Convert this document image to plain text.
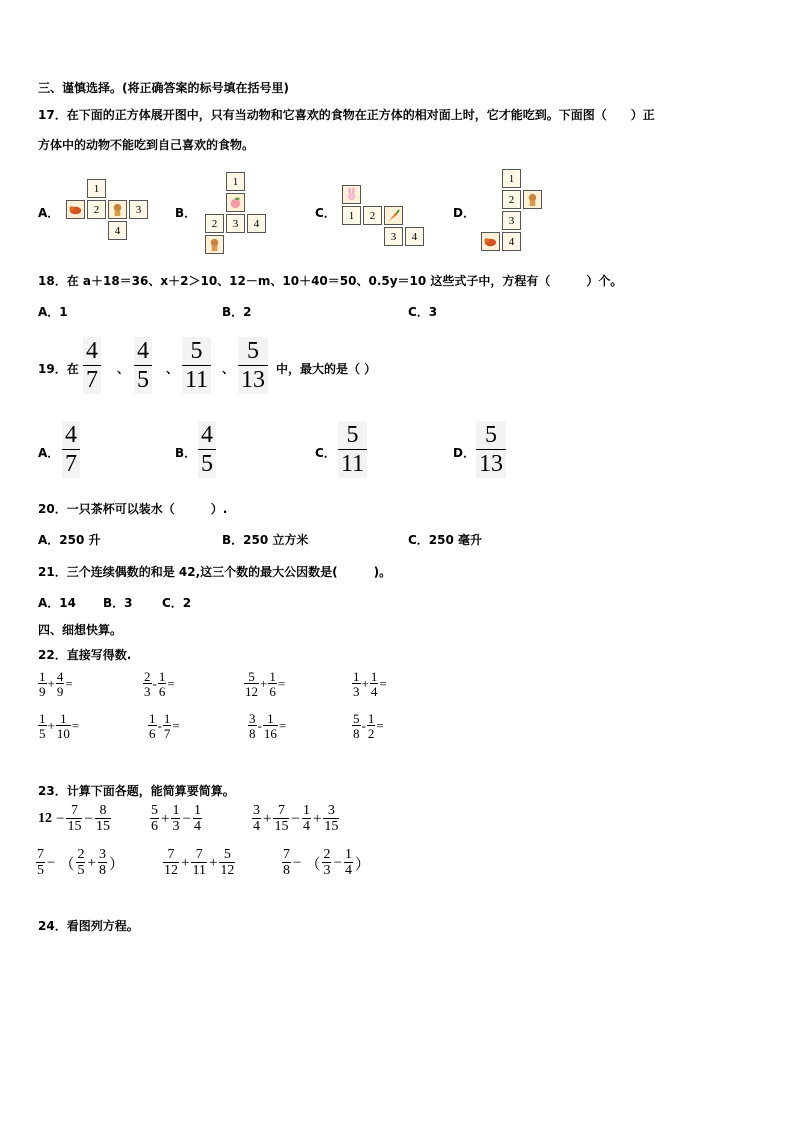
三、谨慎选择。(将正确答案的标号填在括号里)
17．在下面的正方体展开图中，只有当动物和它喜欢的食物在正方体的相对面上时，它才能吃到。下面图（　　）正
方体中的动物不能吃到自己喜欢的食物。
A．
1
2	3
4
B．
1
2	3	4
C．	1	2
3	4
D．
1
2
3
4
18．在 a＋18＝36、x＋2＞10、12－m、10＋40＝50、0.5y＝10 这些式子中，方程有（　　　）个。
A．1	B．2	C．3
19．在 $\frac{4}{7}$ 、 $\frac{4}{5}$ 、 $\frac{5}{11}$ 、 $\frac{5}{13}$ 中，最大的是（ ）
A． $\frac{4}{7}$	B． $\frac{4}{5}$	C． $\frac{5}{11}$	D． $\frac{5}{13}$
20．一只茶杯可以装水（　　　）.
A．250 升	B．250 立方米	C．250 毫升
21．三个连续偶数的和是 42,这三个数的最大公因数是(　　　)。
A．14 B．3 C．2
四、细想快算。
22．直接写得数.
$\frac{1}{9} + \frac{4}{9}$ =	$\frac{2}{3} - \frac{1}{6}$ =	$\frac{5}{12} + \frac{1}{6}$ =	$\frac{1}{3} + \frac{1}{4}$ =
$\frac{1}{5} + \frac{1}{10}$ =	$\frac{1}{6} - \frac{1}{7}$ =	$\frac{3}{8} - \frac{1}{16}$ =	$\frac{5}{8} - \frac{1}{2}$ =
23．计算下面各题，能简算要简算。
$12 - \frac{7}{15} - \frac{8}{15}$	$\frac{5}{6} + \frac{1}{3} - \frac{1}{4}$	$\frac{3}{4} + \frac{7}{15} - \frac{1}{4} + \frac{3}{15}$
$\frac{7}{5}$ − （ $\frac{2}{5} + \frac{3}{8}$ ）	$\frac{7}{12} + \frac{7}{11} + \frac{5}{12}$	$\frac{7}{8}$ − （ $\frac{2}{3} - \frac{1}{4}$ ）
24．看图列方程。
